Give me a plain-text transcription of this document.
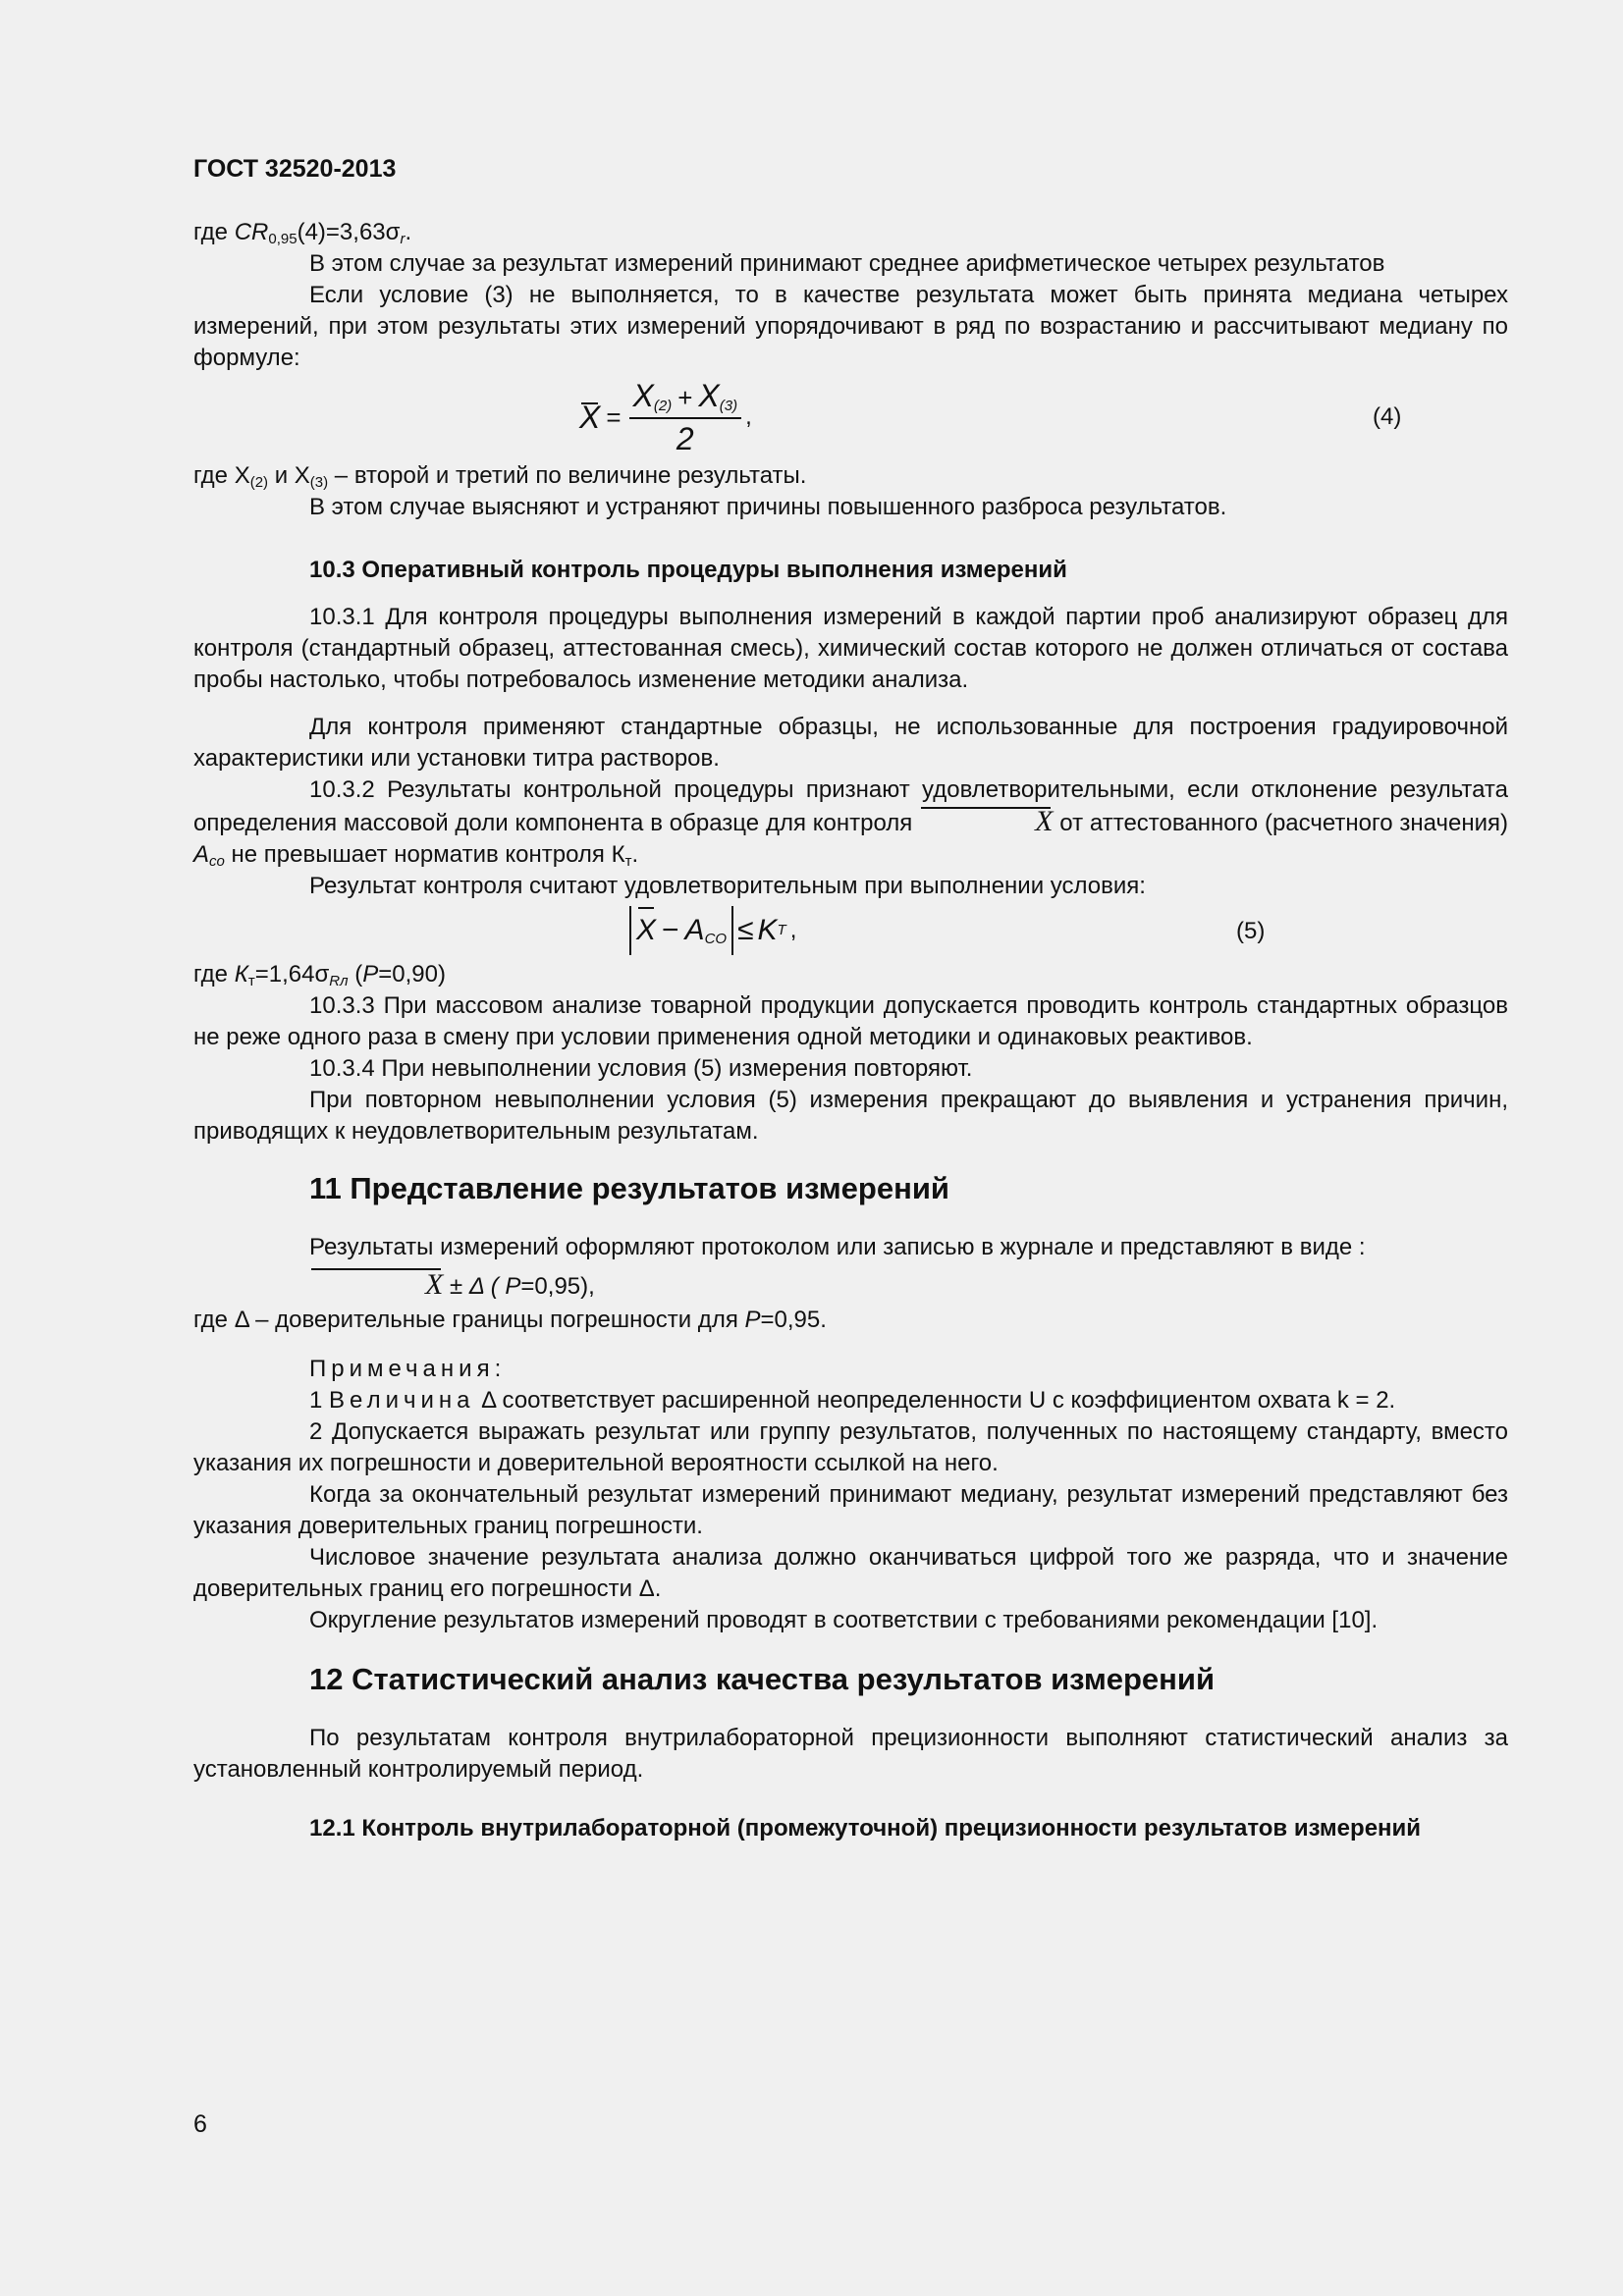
ГОСТ 32520-2013

где $CR_{0,95}(4)=3,63\sigma_r$.

В этом случае за результат измерений принимают среднее арифметическое четырех результатов

Если условие (3) не выполняется, то в качестве результата может быть принята медиана четырех измерений, при этом результаты этих измерений упорядочивают в ряд по возрастанию и рассчитывают медиану по формуле:

$X = \frac{X_{(2)} + X_{(3)}}{2}$ ,	(4)

где $X_{(2)}$ и $X_{(3)}$ – второй и третий по величине результаты.

В этом случае выясняют и устраняют причины повышенного разброса результатов.

10.3 Оперативный контроль процедуры выполнения измерений

10.3.1 Для контроля процедуры выполнения измерений в каждой партии проб анализируют образец для контроля (стандартный образец, аттестованная смесь), химический состав которого не должен отличаться от состава пробы настолько, чтобы потребовалось изменение методики анализа.

Для контроля применяют стандартные образцы, не использованные для построения градуировочной характеристики или установки титра растворов.

10.3.2 Результаты контрольной процедуры признают удовлетворительными, если отклонение результата определения массовой доли компонента в образце для контроля	X от аттестованного (расчетного значения) $A_{co}$ не превышает норматив контроля $К_т$.

Результат контроля считают удовлетворительным при выполнении условия:

$X - A_{CO} \le K$ T ,	(5)

где $К_т=1,64\sigma_{Rл}$ (P=0,90)

10.3.3 При массовом анализе товарной продукции допускается проводить контроль стандартных образцов не реже одного раза в смену при условии применения одной методики и одинаковых реактивов.

10.3.4 При невыполнении условия (5) измерения повторяют.

При повторном невыполнении условия (5) измерения прекращают до выявления и устранения причин, приводящих к неудовлетворительным результатам.

11 Представление результатов измерений

Результаты измерений оформляют протоколом или записью в журнале и представляют в виде :

X ± Δ ( P=0,95),

где Δ – доверительные границы погрешности для P=0,95.

Примечания:

1 Величина Δ соответствует расширенной неопределенности U с коэффициентом охвата k = 2.

2 Допускается выражать результат или группу результатов, полученных по настоящему стандарту, вместо указания их погрешности и доверительной вероятности ссылкой на него.

Когда за окончательный результат измерений принимают медиану, результат измерений представляют без указания доверительных границ погрешности.

Числовое значение результата анализа должно оканчиваться цифрой того же разряда, что и значение доверительных границ его погрешности Δ.

Округление результатов измерений проводят в соответствии с требованиями рекомендации [10].

12 Статистический анализ качества результатов измерений

По результатам контроля внутрилабораторной прецизионности выполняют статистический анализ за установленный контролируемый период.

12.1 Контроль внутрилабораторной (промежуточной) прецизионности результатов измерений

6
